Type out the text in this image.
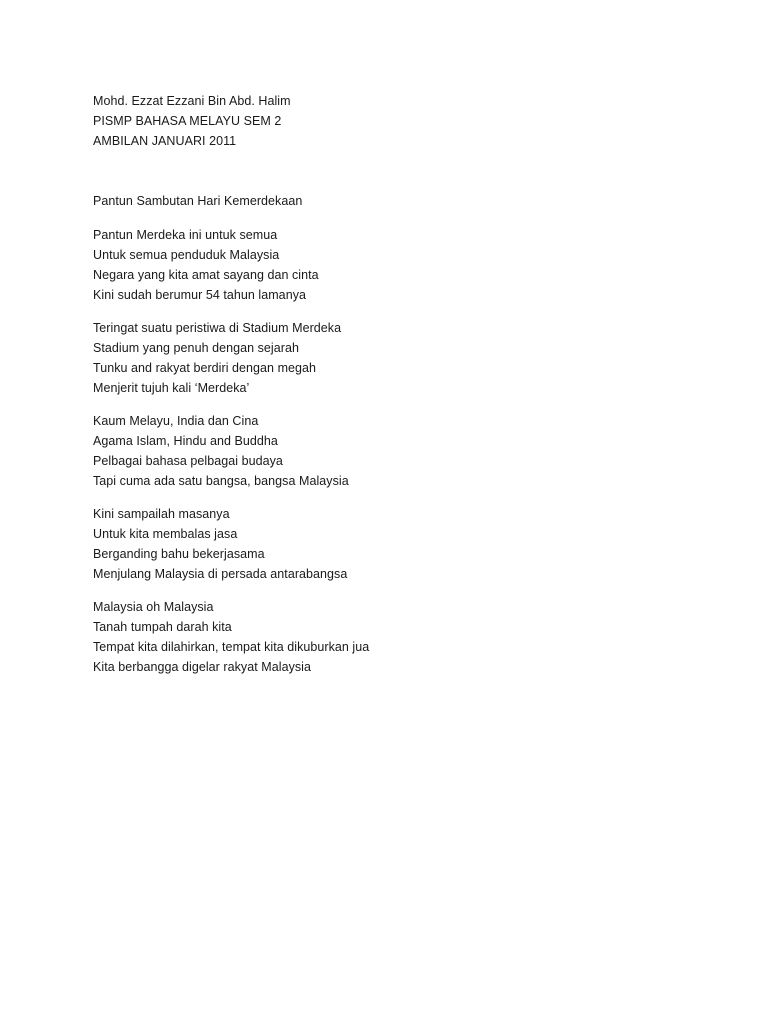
Mohd. Ezzat Ezzani Bin Abd. Halim
PISMP BAHASA MELAYU SEM 2
AMBILAN JANUARI 2011
Pantun Sambutan Hari Kemerdekaan
Pantun Merdeka ini untuk semua
Untuk semua penduduk Malaysia
Negara yang kita amat sayang dan cinta
Kini sudah berumur 54 tahun lamanya
Teringat suatu peristiwa di Stadium Merdeka
Stadium yang penuh dengan sejarah
Tunku and rakyat berdiri dengan megah
Menjerit tujuh kali ‘Merdeka’
Kaum Melayu, India dan Cina
Agama Islam, Hindu and Buddha
Pelbagai bahasa pelbagai budaya
Tapi cuma ada satu bangsa, bangsa Malaysia
Kini sampailah masanya
Untuk kita membalas jasa
Berganding bahu bekerjasama
Menjulang Malaysia di persada antarabangsa
Malaysia oh Malaysia
Tanah tumpah darah kita
Tempat kita dilahirkan, tempat kita dikuburkan jua
Kita berbangga digelar rakyat Malaysia
